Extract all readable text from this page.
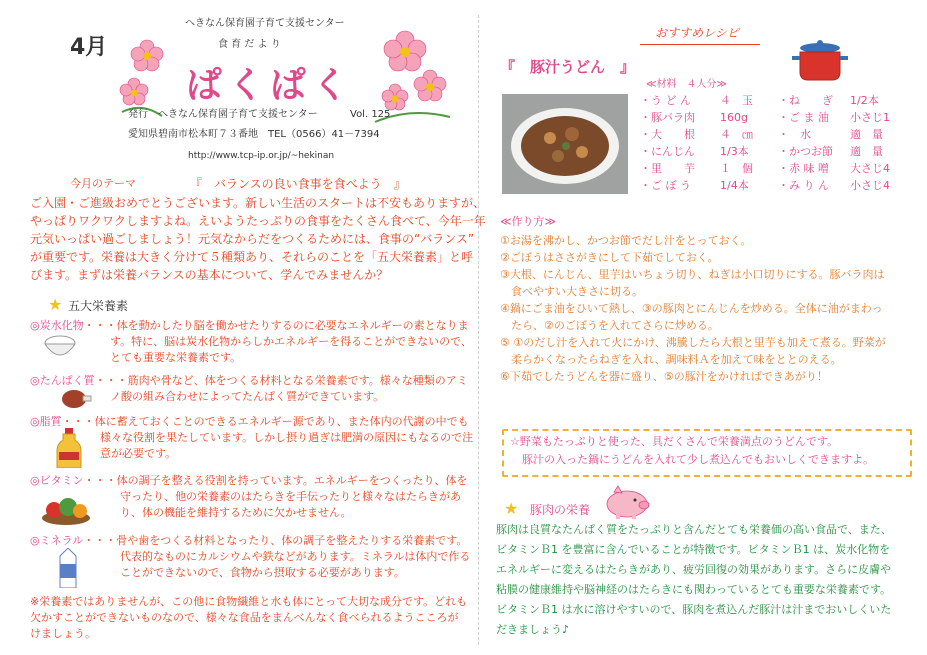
4月
へきなん保育園子育て支援センター
食 育 だ よ り
ぱくぱく
発行　へきなん保育園子育て支援センター	Vol. 125
愛知県碧南市松本町７３番地　TEL（0566）41－7394
http://www.tcp-ip.or.jp/~hekinan
今月のテーマ	『　バランスの良い食事を食べよう　』
ご入園・ご進級おめでとうございます。新しい生活のスタートは不安もありますが、
やっぱりワクワクしますよね。えいようたっぷりの食事をたくさん食べて、今年一年
元気いっぱい過ごしましょう！元気なからだをつくるためには、食事の“バランス”
が重要です。栄養は大きく分けて５種類あり、それらのことを「五大栄養素」と呼
びます。まずは栄養バランスの基本について、学んでみませんか？
★ 五大栄養素
◎炭水化物・・・体を動かしたり脳を働かせたりするのに必要なエネルギーの素となりま
す。特に、脳は炭水化物からしかエネルギーを得ることができないので、
とても重要な栄養素です。
◎たんぱく質・・・筋肉や骨など、体をつくる材料となる栄養素です。様々な種類のアミ
ノ酸の組み合わせによってたんぱく質ができています。
◎脂質・・・体に蓄えておくことのできるエネルギー源であり、また体内の代謝の中でも
様々な役割を果たしています。しかし摂り過ぎは肥満の原因にもなるので注
意が必要です。
◎ビタミン・・・体の調子を整える役割を持っています。エネルギーをつくったり、体を
守ったり、他の栄養素のはたらきを手伝ったりと様々なはたらきがあ
り、体の機能を維持するために欠かせません。
◎ミネラル・・・骨や歯をつくる材料となったり、体の調子を整えたりする栄養素です。
代表的なものにカルシウムや鉄などがあります。ミネラルは体内で作る
ことができないので、食物から摂取する必要があります。
※栄養素ではありませんが、この他に食物繊維と水も体にとって大切な成分です。どれも
欠かすことができないものなので、様々な食品をまんべんなく食べられるようこころが
けましょう。
おすすめレシピ
『　豚汁うどん　』
≪材料　４人分≫
・う ど ん	４　玉
・豚バラ肉 160g
・大　　根 ４　㎝
・にんじん 1/3本
・里　　芋 １　個
・ご ぼ う	1/4本
・ね　　ぎ 1/2本
・ご ま 油 小さじ1
・　水	適　量
・かつお節 適　量
・赤 味 噌 大さじ4
・み り ん 小さじ4
≪作り方≫
①お湯を沸かし、かつお節でだし汁をとっておく。
②ごぼうはささがきにして下茹でしておく。
③大根、にんじん、里芋はいちょう切り、ねぎは小口切りにする。豚バラ肉は
　食べやすい大きさに切る。
④鍋にごま油をひいて熱し、③の豚肉とにんじんを炒める。全体に油がまわっ
　たら、②のごぼうを入れてさらに炒める。
⑤ ①のだし汁を入れて火にかけ、沸騰したら大根と里芋も加えて煮る。野菜が
　柔らかくなったらねぎを入れ、調味料Ａを加えて味をととのえる。
⑥下茹でしたうどんを器に盛り、⑤の豚汁をかければできあがり！
☆野菜もたっぷりと使った、具だくさんで栄養満点のうどんです。
豚汁の入った鍋にうどんを入れて少し煮込んでもおいしくできますよ。
★ 豚肉の栄養
豚肉は良質なたんぱく質をたっぷりと含んだとても栄養価の高い食品で、また、
ビタミンＢ1 を豊富に含んでいることが特徴です。ビタミンＢ1 は、炭水化物を
エネルギーに変えるはたらきがあり、疲労回復の効果があります。さらに皮膚や
粘膜の健康維持や脳神経のはたらきにも関わっているとても重要な栄養素です。
ビタミンＢ1 は水に溶けやすいので、豚肉を煮込んだ豚汁は汁までおいしくいた
だきましょう♪
